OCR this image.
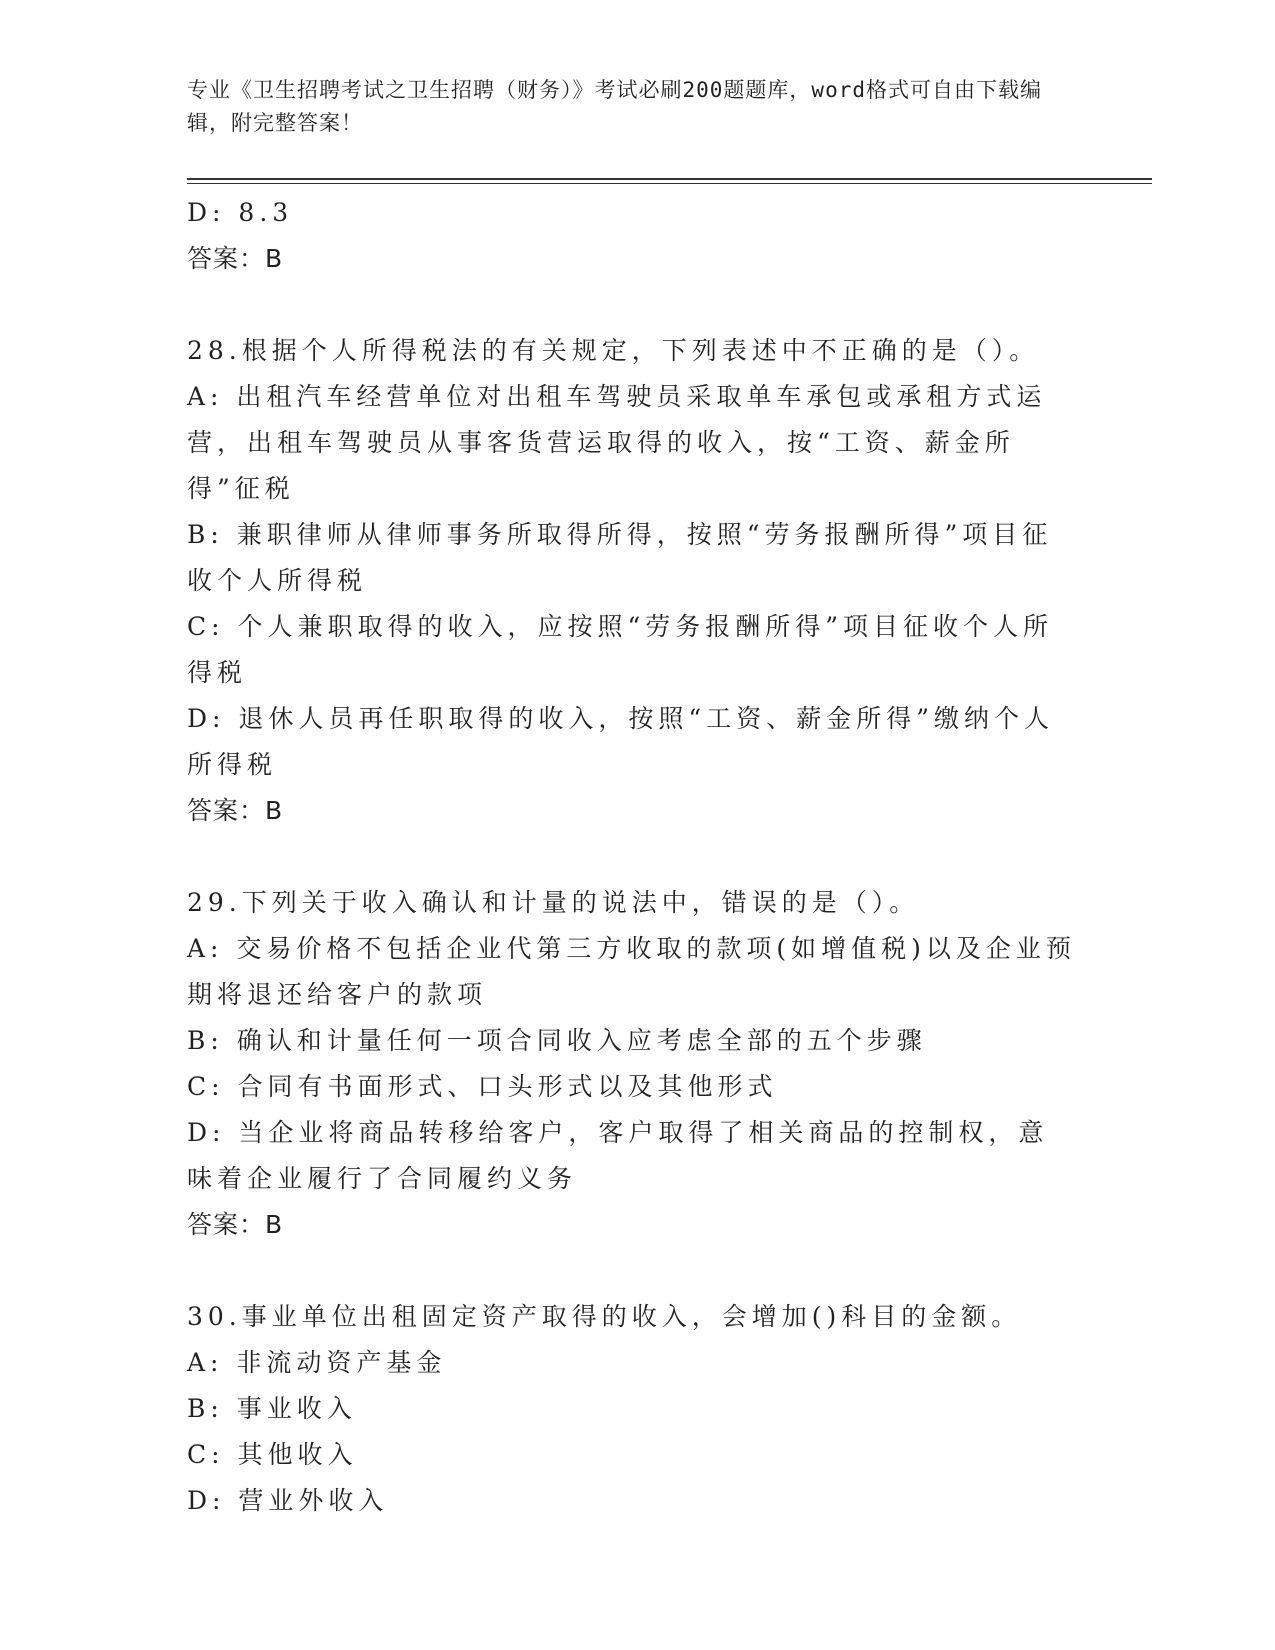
专业《卫生招聘考试之卫生招聘（财务）》考试必刷200题题库，word格式可自由下载编辑，附完整答案！

D: 8.3

答案：B

28.根据个人所得税法的有关规定，下列表述中不正确的是（）。

A: 出租汽车经营单位对出租车驾驶员采取单车承包或承租方式运营，出租车驾驶员从事客货营运取得的收入，按“工资、薪金所得”征税

B: 兼职律师从律师事务所取得所得，按照“劳务报酬所得”项目征收个人所得税

C: 个人兼职取得的收入，应按照“劳务报酬所得”项目征收个人所得税

D: 退休人员再任职取得的收入，按照“工资、薪金所得”缴纳个人所得税

答案：B

29.下列关于收入确认和计量的说法中，错误的是（）。

A: 交易价格不包括企业代第三方收取的款项(如增值税)以及企业预期将退还给客户的款项

B: 确认和计量任何一项合同收入应考虑全部的五个步骤

C: 合同有书面形式、口头形式以及其他形式

D: 当企业将商品转移给客户，客户取得了相关商品的控制权，意味着企业履行了合同履约义务

答案：B

30.事业单位出租固定资产取得的收入，会增加()科目的金额。

A: 非流动资产基金

B: 事业收入

C: 其他收入

D: 营业外收入
